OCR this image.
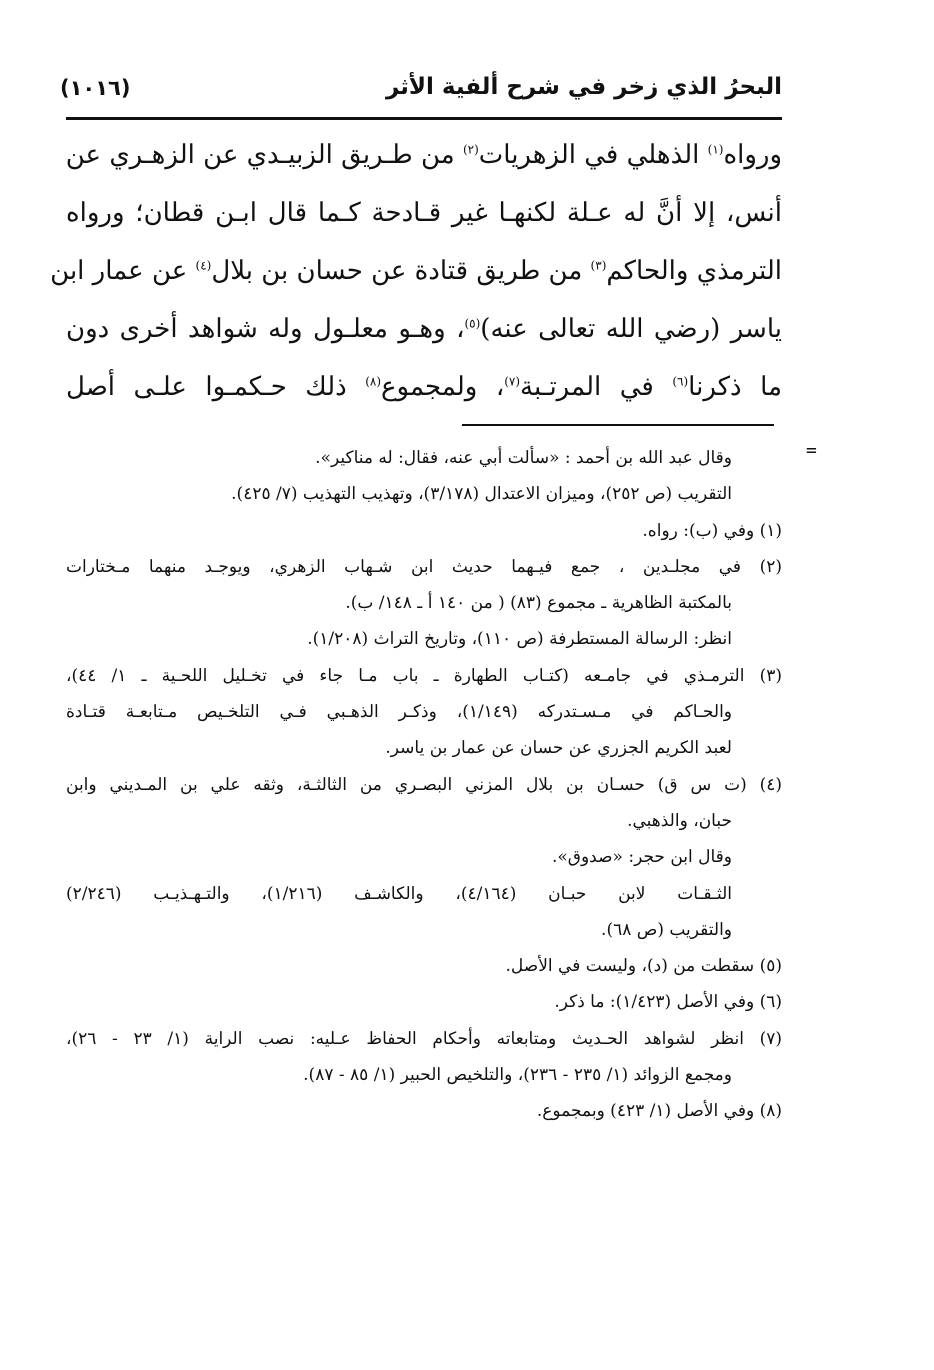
البحرُ الذي زخر في شرح ألفية الأثر
(١٠١٦)
ورواه$^{(١)}$ الذهلي في الزهريات$^{(٢)}$ من طـريق الزبيـدي عن الزهـري عن
أنس، إلا أنَّ له عـلة لكنهـا غير قـادحة كـما قال ابـن قطان؛ ورواه
الترمذي والحاكم$^{(٣)}$ من طريق قتادة عن حسان بن بلال$^{(٤)}$ عن عمار ابن
ياسر (رضي الله تعالى عنه)$^{(٥)}$، وهـو معلـول وله شواهد أخرى دون
ما ذكرنا$^{(٦)}$ في المرتـبة$^{(٧)}$، ولمجموع$^{(٨)}$ ذلك حـكمـوا علـى أصل
=
وقال عبد الله بن أحمد : «سألت أبي عنه، فقال: له مناكير».
التقريب (ص ٢٥٢)، وميزان الاعتدال (٣/١٧٨)، وتهذيب التهذيب (٧/ ٤٢٥).
(١) وفي (ب): رواه.
(٢) في مجلـدين ، جمع فيـهما حديث ابن شـهاب الزهري، ويوجـد منهما مـختارات
بالمكتبة الظاهرية ـ مجموع (٨٣) ( من ١٤٠ أ ـ ١٤٨/ ب).
انظر: الرسالة المستطرفة (ص ١١٠)، وتاريخ التراث (١/٢٠٨).
(٣) الترمـذي في جامـعه (كتـاب الطهارة ـ باب مـا جاء في تخـليل اللحـية ـ ١/ ٤٤)،
والحـاكم في مـسـتدركه (١/١٤٩)، وذكـر الذهـبي فـي التلخـيص مـتابعـة قتـادة
لعبد الكريم الجزري عن حسان عن عمار بن ياسر.
(٤) (ت س ق) حسـان بن بلال المزني البصـري من الثالثـة، وثقه علي بن المـديني وابن
حبان، والذهبي.
وقال ابن حجر: «صدوق».
الثـقـات لابن حبـان (٤/١٦٤)، والكاشـف (١/٢١٦)، والتـهـذيـب (٢/٢٤٦)
والتقريب (ص ٦٨).
(٥) سقطت من (د)، وليست في الأصل.
(٦) وفي الأصل (١/٤٢٣): ما ذكر.
(٧) انظر لشواهد الحـديث ومتابعاته وأحكام الحفاظ عـليه: نصب الراية (١/ ٢٣ - ٢٦)،
ومجمع الزوائد (١/ ٢٣٥ - ٢٣٦)، والتلخيص الحبير (١/ ٨٥ - ٨٧).
(٨) وفي الأصل (١/ ٤٢٣) وبمجموع.
